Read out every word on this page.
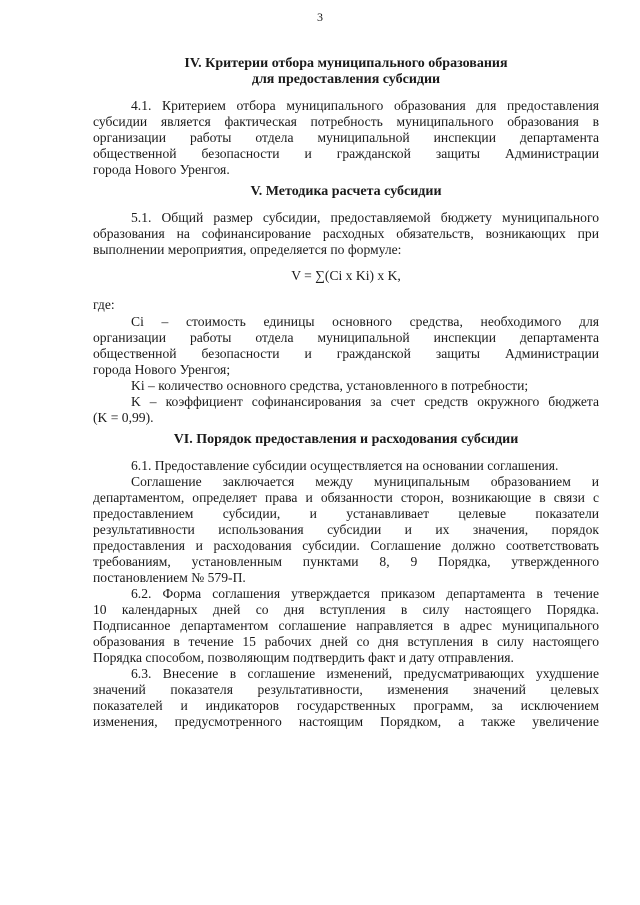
3
IV. Критерии отбора муниципального образования
для предоставления субсидии
4.1. Критерием отбора муниципального образования для предоставления
субсидии является фактическая потребность муниципального образования в
организации работы отдела муниципальной инспекции департамента
общественной безопасности и гражданской защиты Администрации
города Нового Уренгоя.
V. Методика расчета субсидии
5.1. Общий размер субсидии, предоставляемой бюджету муниципального
образования на софинансирование расходных обязательств, возникающих при
выполнении мероприятия, определяется по формуле:
V = ∑(Ci x Ki) x K,
где:
Ci – стоимость единицы основного средства, необходимого для
организации работы отдела муниципальной инспекции департамента
общественной безопасности и гражданской защиты Администрации
города Нового Уренгоя;
Ki – количество основного средства, установленного в потребности;
K – коэффициент софинансирования за счет средств окружного бюджета
(K = 0,99).
VI. Порядок предоставления и расходования субсидии
6.1. Предоставление субсидии осуществляется на основании соглашения.
Соглашение заключается между муниципальным образованием и
департаментом, определяет права и обязанности сторон, возникающие в связи с
предоставлением субсидии, и устанавливает целевые показатели
результативности использования субсидии и их значения, порядок
предоставления и расходования субсидии. Соглашение должно соответствовать
требованиям, установленным пунктами 8, 9 Порядка, утвержденного
постановлением № 579-П.
6.2. Форма соглашения утверждается приказом департамента в течение
10 календарных дней со дня вступления в силу настоящего Порядка.
Подписанное департаментом соглашение направляется в адрес муниципального
образования в течение 15 рабочих дней со дня вступления в силу настоящего
Порядка способом, позволяющим подтвердить факт и дату отправления.
6.3. Внесение в соглашение изменений, предусматривающих ухудшение
значений показателя результативности, изменения значений целевых
показателей и индикаторов государственных программ, за исключением
изменения, предусмотренного настоящим Порядком, а также увеличение
